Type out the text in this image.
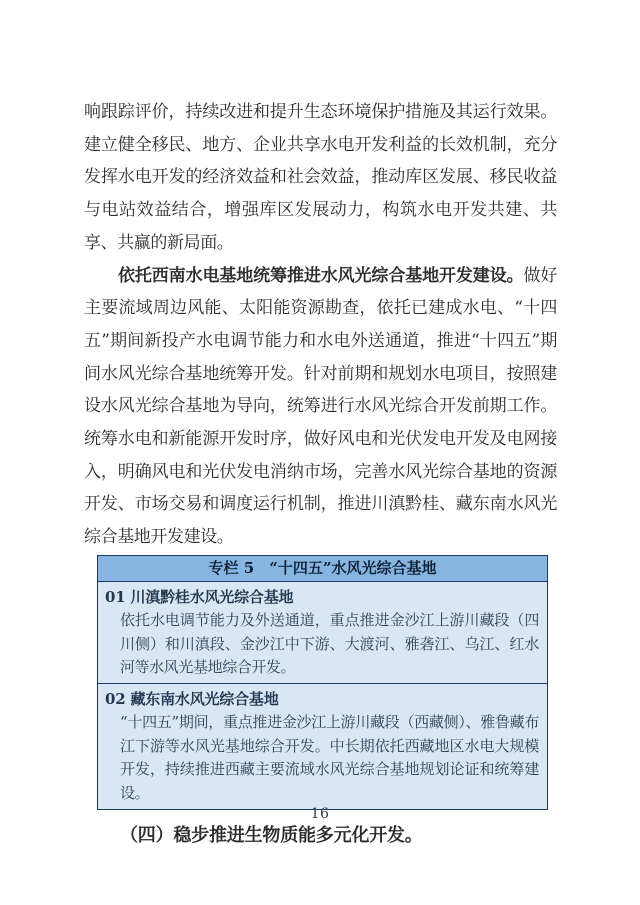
响跟踪评价，持续改进和提升生态环境保护措施及其运行效果。建立健全移民、地方、企业共享水电开发利益的长效机制，充分发挥水电开发的经济效益和社会效益，推动库区发展、移民收益与电站效益结合，增强库区发展动力，构筑水电开发共建、共享、共赢的新局面。

依托西南水电基地统筹推进水风光综合基地开发建设。做好主要流域周边风能、太阳能资源勘查，依托已建成水电、“十四五”期间新投产水电调节能力和水电外送通道，推进“十四五”期间水风光综合基地统筹开发。针对前期和规划水电项目，按照建设水风光综合基地为导向，统筹进行水风光综合开发前期工作。统筹水电和新能源开发时序，做好风电和光伏发电开发及电网接入，明确风电和光伏发电消纳市场，完善水风光综合基地的资源开发、市场交易和调度运行机制，推进川滇黔桂、藏东南水风光综合基地开发建设。

专栏 5　“十四五”水风光综合基地
01 川滇黔桂水风光综合基地
依托水电调节能力及外送通道，重点推进金沙江上游川藏段（四川侧）和川滇段、金沙江中下游、大渡河、雅砻江、乌江、红水河等水风光基地综合开发。
02 藏东南水风光综合基地
“十四五”期间，重点推进金沙江上游川藏段（西藏侧）、雅鲁藏布江下游等水风光基地综合开发。中长期依托西藏地区水电大规模开发，持续推进西藏主要流域水风光综合基地规划论证和统筹建设。
（四）稳步推进生物质能多元化开发。
16
